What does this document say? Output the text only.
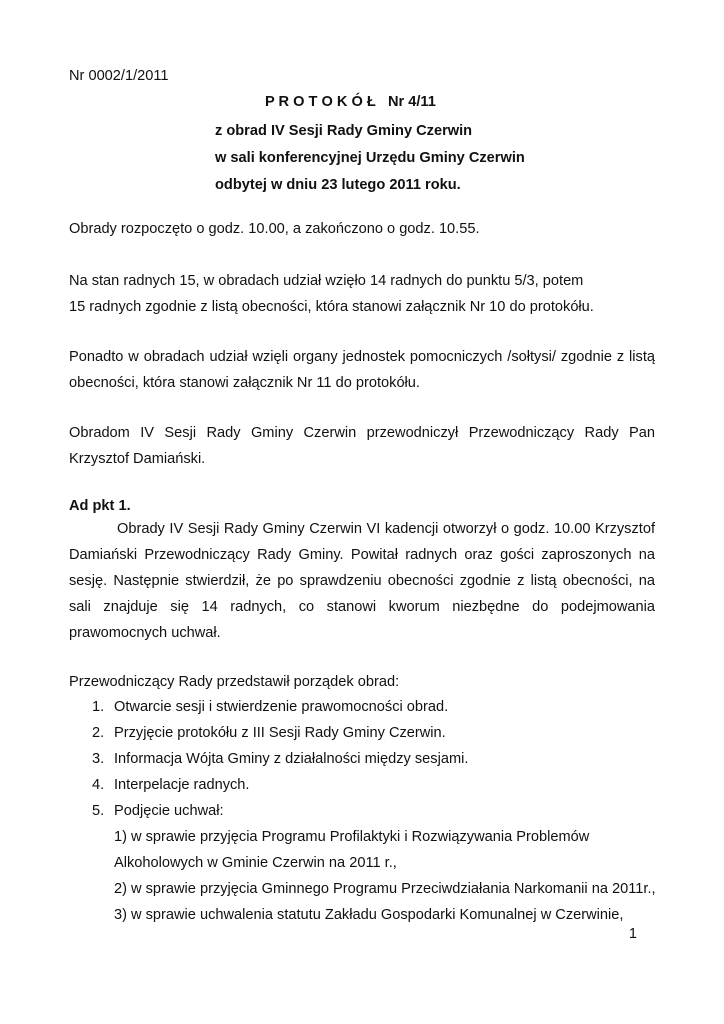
Nr 0002/1/2011
P R O T O K Ó Ł   Nr 4/11
z obrad IV Sesji Rady Gminy Czerwin
w sali konferencyjnej Urzędu Gminy Czerwin
odbytej w dniu 23 lutego 2011 roku.
Obrady rozpoczęto o godz. 10.00, a zakończono o godz. 10.55.
Na stan radnych 15, w obradach udział wzięło 14 radnych do punktu 5/3, potem
15 radnych zgodnie z listą obecności, która stanowi załącznik Nr 10 do protokółu.
Ponadto w obradach udział wzięli organy jednostek pomocniczych /sołtysi/ zgodnie z listą
obecności, która stanowi załącznik Nr 11 do protokółu.
Obradom IV Sesji Rady Gminy Czerwin przewodniczył Przewodniczący Rady Pan
Krzysztof Damiański.
Ad pkt 1.
Obrady IV Sesji Rady Gminy Czerwin VI kadencji otworzył o godz. 10.00 Krzysztof
Damiański Przewodniczący Rady Gminy. Powitał radnych oraz gości zaproszonych na
sesję. Następnie stwierdził, że po sprawdzeniu obecności zgodnie z listą obecności, na
sali znajduje się 14 radnych, co stanowi kworum niezbędne do podejmowania
prawomocnych uchwał.
Przewodniczący Rady przedstawił porządek obrad:
1. Otwarcie sesji i stwierdzenie prawomocności obrad.
2. Przyjęcie protokółu z III Sesji Rady Gminy Czerwin.
3. Informacja Wójta Gminy z działalności między sesjami.
4. Interpelacje radnych.
5. Podjęcie uchwał:
1) w sprawie przyjęcia Programu Profilaktyki i Rozwiązywania Problemów
Alkoholowych w Gminie Czerwin na 2011 r.,
2) w sprawie przyjęcia Gminnego Programu Przeciwdziałania Narkomanii na 2011r.,
3) w sprawie uchwalenia statutu Zakładu Gospodarki Komunalnej w Czerwinie,
1
